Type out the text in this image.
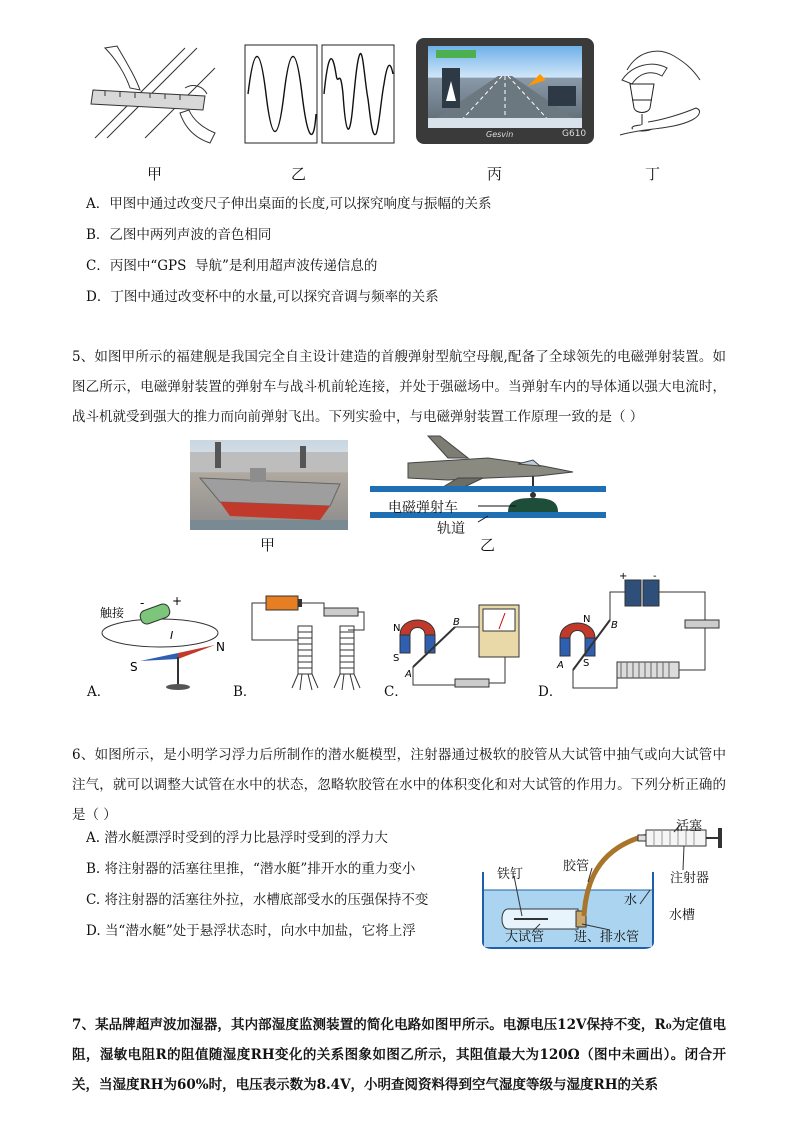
Gesvin	G610
甲	乙	丙	丁
A．甲图中通过改变尺子伸出桌面的长度,可以探究响度与振幅的关系
B．乙图中两列声波的音色相同
C．丙图中“GPS  导航”是利用超声波传递信息的
D．丁图中通过改变杯中的水量,可以探究音调与频率的关系
5、如图甲所示的福建舰是我国完全自主设计建造的首艘弹射型航空母舰,配备了全球领先的电磁弹射装置。如图乙所示，电磁弹射装置的弹射车与战斗机前轮连接，并处于强磁场中。当弹射车内的导体通以强大电流时，战斗机就受到强大的推力而向前弹射飞出。下列实验中，与电磁弹射装置工作原理一致的是（ ）
电磁弹射车
轨道
甲	乙
触接
+
-
I
S
N
A．	B．
N
S
A
B
C．
+	-
N
S
A
B
D．
6、如图所示，是小明学习浮力后所制作的潜水艇模型，注射器通过极软的胶管从大试管中抽气或向大试管中注气，就可以调整大试管在水中的状态，忽略软胶管在水中的体积变化和对大试管的作用力。下列分析正确的是（ ）
A. 潜水艇漂浮时受到的浮力比悬浮时受到的浮力大
B. 将注射器的活塞往里推，“潜水艇”排开水的重力变小
C. 将注射器的活塞往外拉，水槽底部受水的压强保持不变
D. 当“潜水艇”处于悬浮状态时，向水中加盐，它将上浮
活塞
胶管
铁钉	注射器
水
水槽
大试管 进、排水管
7、某品牌超声波加湿器，其内部湿度监测装置的简化电路如图甲所示。电源电压12V保持不变，R₀为定值电阻，湿敏电阻R的阻值随湿度RH变化的关系图象如图乙所示，其阻值最大为120Ω（图中未画出）。闭合开关，当湿度RH为60%时，电压表示数为8.4V，小明查阅资料得到空气湿度等级与湿度RH的关系
